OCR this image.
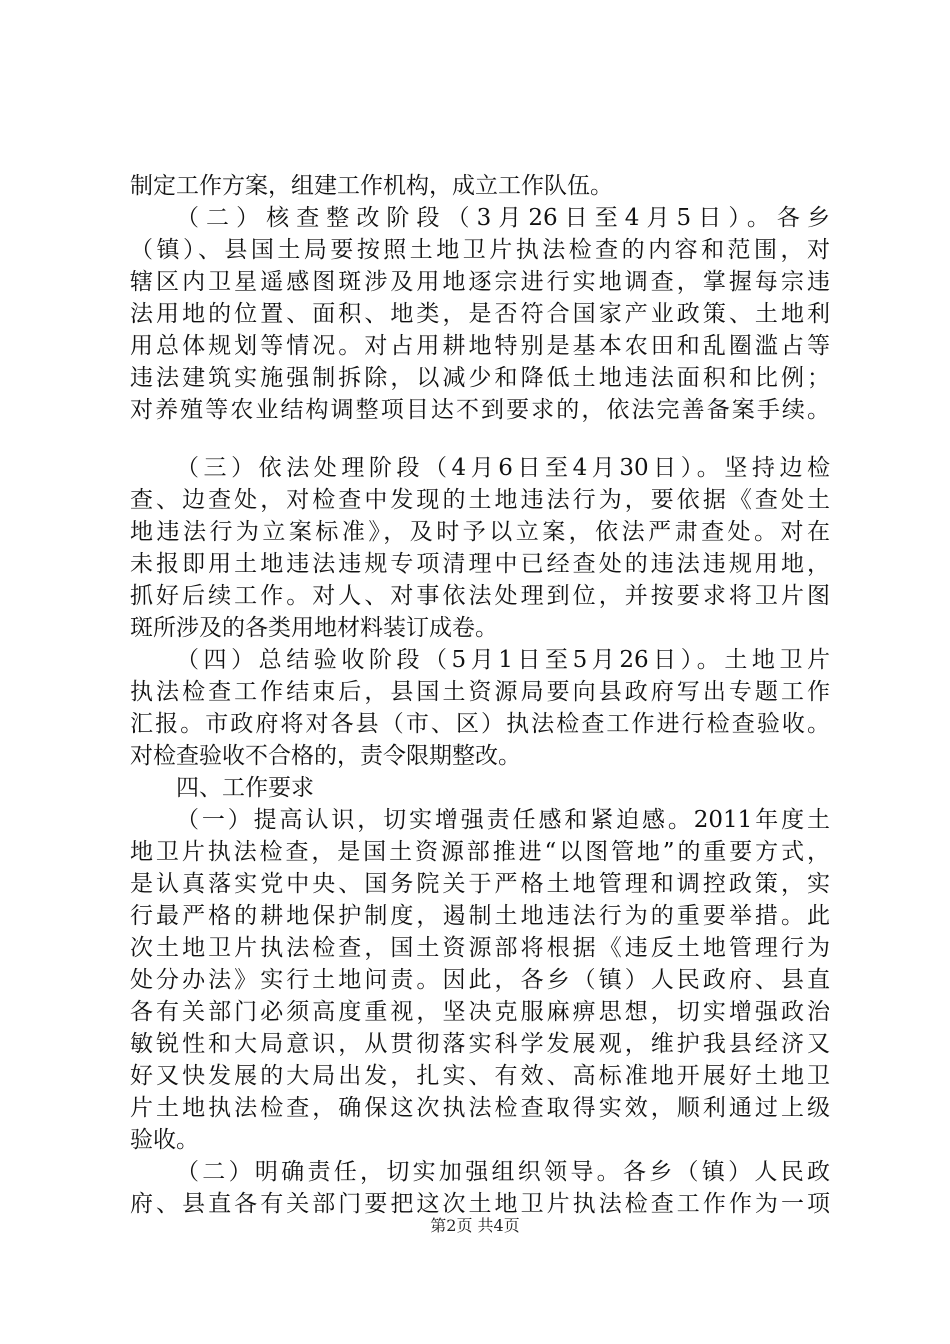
制定工作方案，组建工作机构，成立工作队伍。
（二）核查整改阶段（3月26日至4月5日）。各乡
（镇）、县国土局要按照土地卫片执法检查的内容和范围，对
辖区内卫星遥感图斑涉及用地逐宗进行实地调查，掌握每宗违
法用地的位置、面积、地类，是否符合国家产业政策、土地利
用总体规划等情况。对占用耕地特别是基本农田和乱圈滥占等
违法建筑实施强制拆除，以减少和降低土地违法面积和比例；
对养殖等农业结构调整项目达不到要求的，依法完善备案手续。
（三）依法处理阶段（4月6日至4月30日）。坚持边检
查、边查处，对检查中发现的土地违法行为，要依据《查处土
地违法行为立案标准》，及时予以立案，依法严肃查处。对在
未报即用土地违法违规专项清理中已经查处的违法违规用地，
抓好后续工作。对人、对事依法处理到位，并按要求将卫片图
斑所涉及的各类用地材料装订成卷。
（四）总结验收阶段（5月1日至5月26日）。土地卫片
执法检查工作结束后，县国土资源局要向县政府写出专题工作
汇报。市政府将对各县（市、区）执法检查工作进行检查验收。
对检查验收不合格的，责令限期整改。
四、工作要求
（一）提高认识，切实增强责任感和紧迫感。2011年度土
地卫片执法检查，是国土资源部推进“以图管地”的重要方式，
是认真落实党中央、国务院关于严格土地管理和调控政策，实
行最严格的耕地保护制度，遏制土地违法行为的重要举措。此
次土地卫片执法检查，国土资源部将根据《违反土地管理行为
处分办法》实行土地问责。因此，各乡（镇）人民政府、县直
各有关部门必须高度重视，坚决克服麻痹思想，切实增强政治
敏锐性和大局意识，从贯彻落实科学发展观，维护我县经济又
好又快发展的大局出发，扎实、有效、高标准地开展好土地卫
片土地执法检查，确保这次执法检查取得实效，顺利通过上级
验收。
（二）明确责任，切实加强组织领导。各乡（镇）人民政
府、县直各有关部门要把这次土地卫片执法检查工作作为一项
第2页 共4页
